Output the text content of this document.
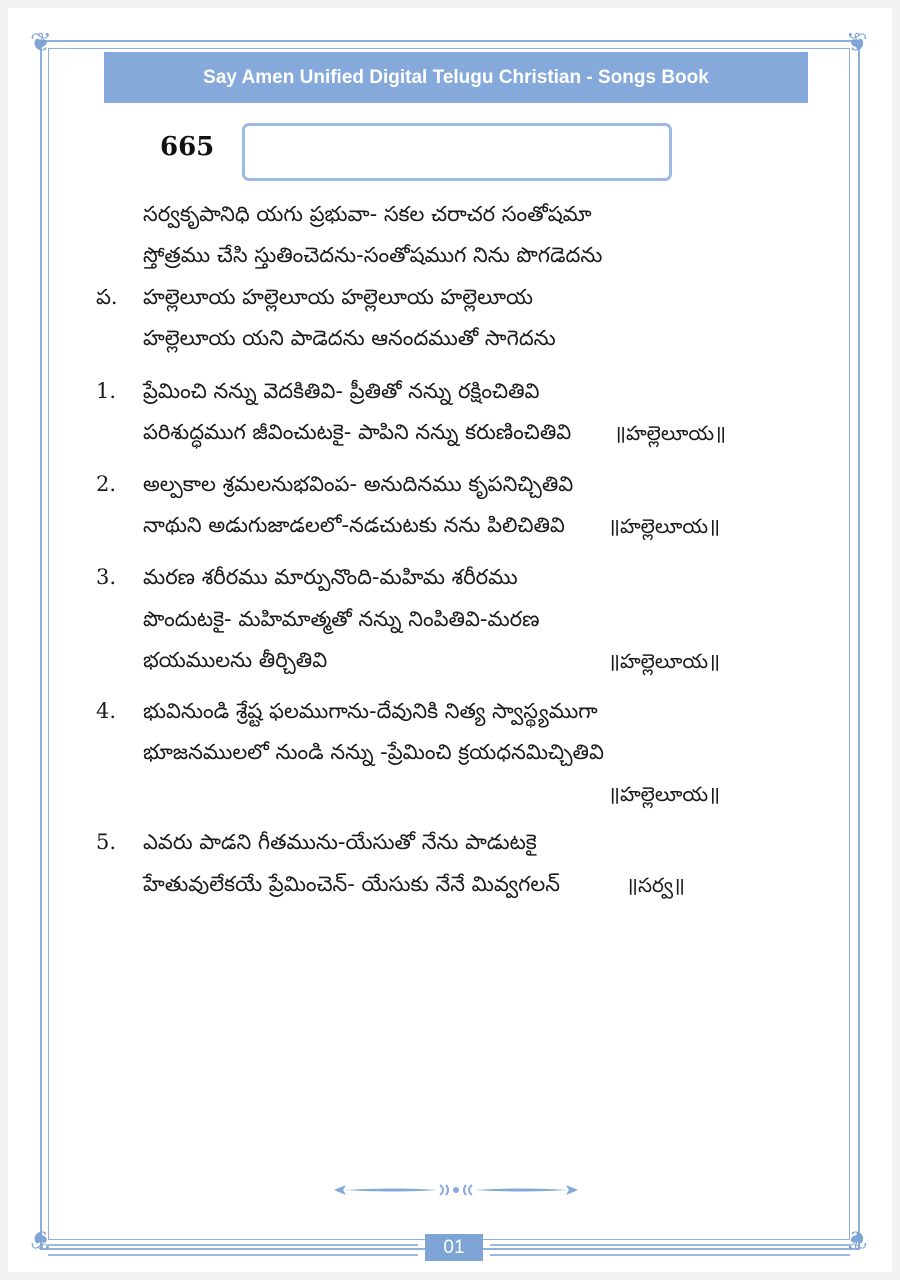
❦	❦
❦	❦
Say Amen Unified Digital Telugu Christian - Songs Book
665
సర్వకృపానిధి యగు ప్రభువా- సకల చరాచర సంతోషమా
స్తోత్రము చేసి స్తుతించెదను-సంతోషముగ నిను పొగడెదను
ప. హల్లెలూయ హల్లెలూయ హల్లెలూయ హల్లెలూయ
హల్లెలూయ యని పాడెదను ఆనందముతో సాగెదను
1. ప్రేమించి నన్ను వెదకితివి- ప్రీతితో నన్ను రక్షించితివి
పరిశుద్ధముగ జీవించుటకై- పాపిని నన్ను కరుణించితివి ॥హల్లెలూయ॥
2. అల్పకాల శ్రమలనుభవింప- అనుదినము కృపనిచ్చితివి
నాథుని అడుగుజాడలలో-నడచుటకు నను పిలిచితివి ॥హల్లెలూయ॥
3. మరణ శరీరము మార్పునొంది-మహిమ శరీరము
పొందుటకై- మహిమాత్మతో నన్ను నింపితివి-మరణ
భయములను తీర్చితివి	॥హల్లెలూయ॥
4. భువినుండి శ్రేష్ట ఫలముగాను-దేవునికి నిత్య స్వాస్థ్యముగా
భూజనములలో నుండి నన్ను -ప్రేమించి క్రయధనమిచ్చితివి
॥హల్లెలూయ॥
5. ఎవరు పాడని గీతమును-యేసుతో నేను పాడుటకై
హేతువులేకయే ప్రేమించెన్- యేసుకు నేనే మివ్వగలన్	॥సర్వ॥
01
